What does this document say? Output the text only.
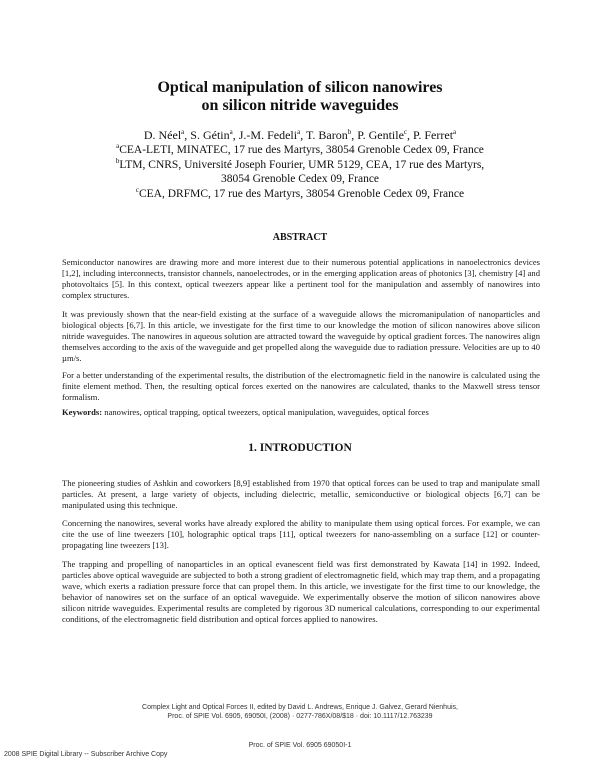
Optical manipulation of silicon nanowires
on silicon nitride waveguides
D. Néel$^a$, S. Gétin$^a$, J.-M. Fedeli$^a$, T. Baron$^b$, P. Gentile$^c$, P. Ferret$^a$
$^a$CEA-LETI, MINATEC, 17 rue des Martyrs, 38054 Grenoble Cedex 09, France
$^b$LTM, CNRS, Université Joseph Fourier, UMR 5129, CEA, 17 rue des Martyrs,
38054 Grenoble Cedex 09, France
$^c$CEA, DRFMC, 17 rue des Martyrs, 38054 Grenoble Cedex 09, France
ABSTRACT
Semiconductor nanowires are drawing more and more interest due to their numerous potential applications in nanoelectronics devices [1,2], including interconnects, transistor channels, nanoelectrodes, or in the emerging application areas of photonics [3], chemistry [4] and photovoltaics [5]. In this context, optical tweezers appear like a pertinent tool for the manipulation and assembly of nanowires into complex structures.
It was previously shown that the near-field existing at the surface of a waveguide allows the micromanipulation of nanoparticles and biological objects [6,7]. In this article, we investigate for the first time to our knowledge the motion of silicon nanowires above silicon nitride waveguides. The nanowires in aqueous solution are attracted toward the waveguide by optical gradient forces. The nanowires align themselves according to the axis of the waveguide and get propelled along the waveguide due to radiation pressure. Velocities are up to 40 µm/s.
For a better understanding of the experimental results, the distribution of the electromagnetic field in the nanowire is calculated using the finite element method. Then, the resulting optical forces exerted on the nanowires are calculated, thanks to the Maxwell stress tensor formalism.
Keywords: nanowires, optical trapping, optical tweezers, optical manipulation, waveguides, optical forces
1. INTRODUCTION
The pioneering studies of Ashkin and coworkers [8,9] established from 1970 that optical forces can be used to trap and manipulate small particles. At present, a large variety of objects, including dielectric, metallic, semiconductive or biological objects [6,7] can be manipulated using this technique.
Concerning the nanowires, several works have already explored the ability to manipulate them using optical forces. For example, we can cite the use of line tweezers [10], holographic optical traps [11], optical tweezers for nano-assembling on a surface [12] or counter-propagating line tweezers [13].
The trapping and propelling of nanoparticles in an optical evanescent field was first demonstrated by Kawata [14] in 1992. Indeed, particles above optical waveguide are subjected to both a strong gradient of electromagnetic field, which may trap them, and a propagating wave, which exerts a radiation pressure force that can propel them. In this article, we investigate for the first time to our knowledge, the behavior of nanowires set on the surface of an optical waveguide. We experimentally observe the motion of silicon nanowires above silicon nitride waveguides. Experimental results are completed by rigorous 3D numerical calculations, corresponding to our experimental conditions, of the electromagnetic field distribution and optical forces applied to nanowires.
Complex Light and Optical Forces II, edited by David L. Andrews, Enrique J. Galvez, Gerard Nienhuis,
Proc. of SPIE Vol. 6905, 69050I, (2008) · 0277-786X/08/$18 · doi: 10.1117/12.763239
Proc. of SPIE Vol. 6905 69050I-1
2008 SPIE Digital Library -- Subscriber Archive Copy
